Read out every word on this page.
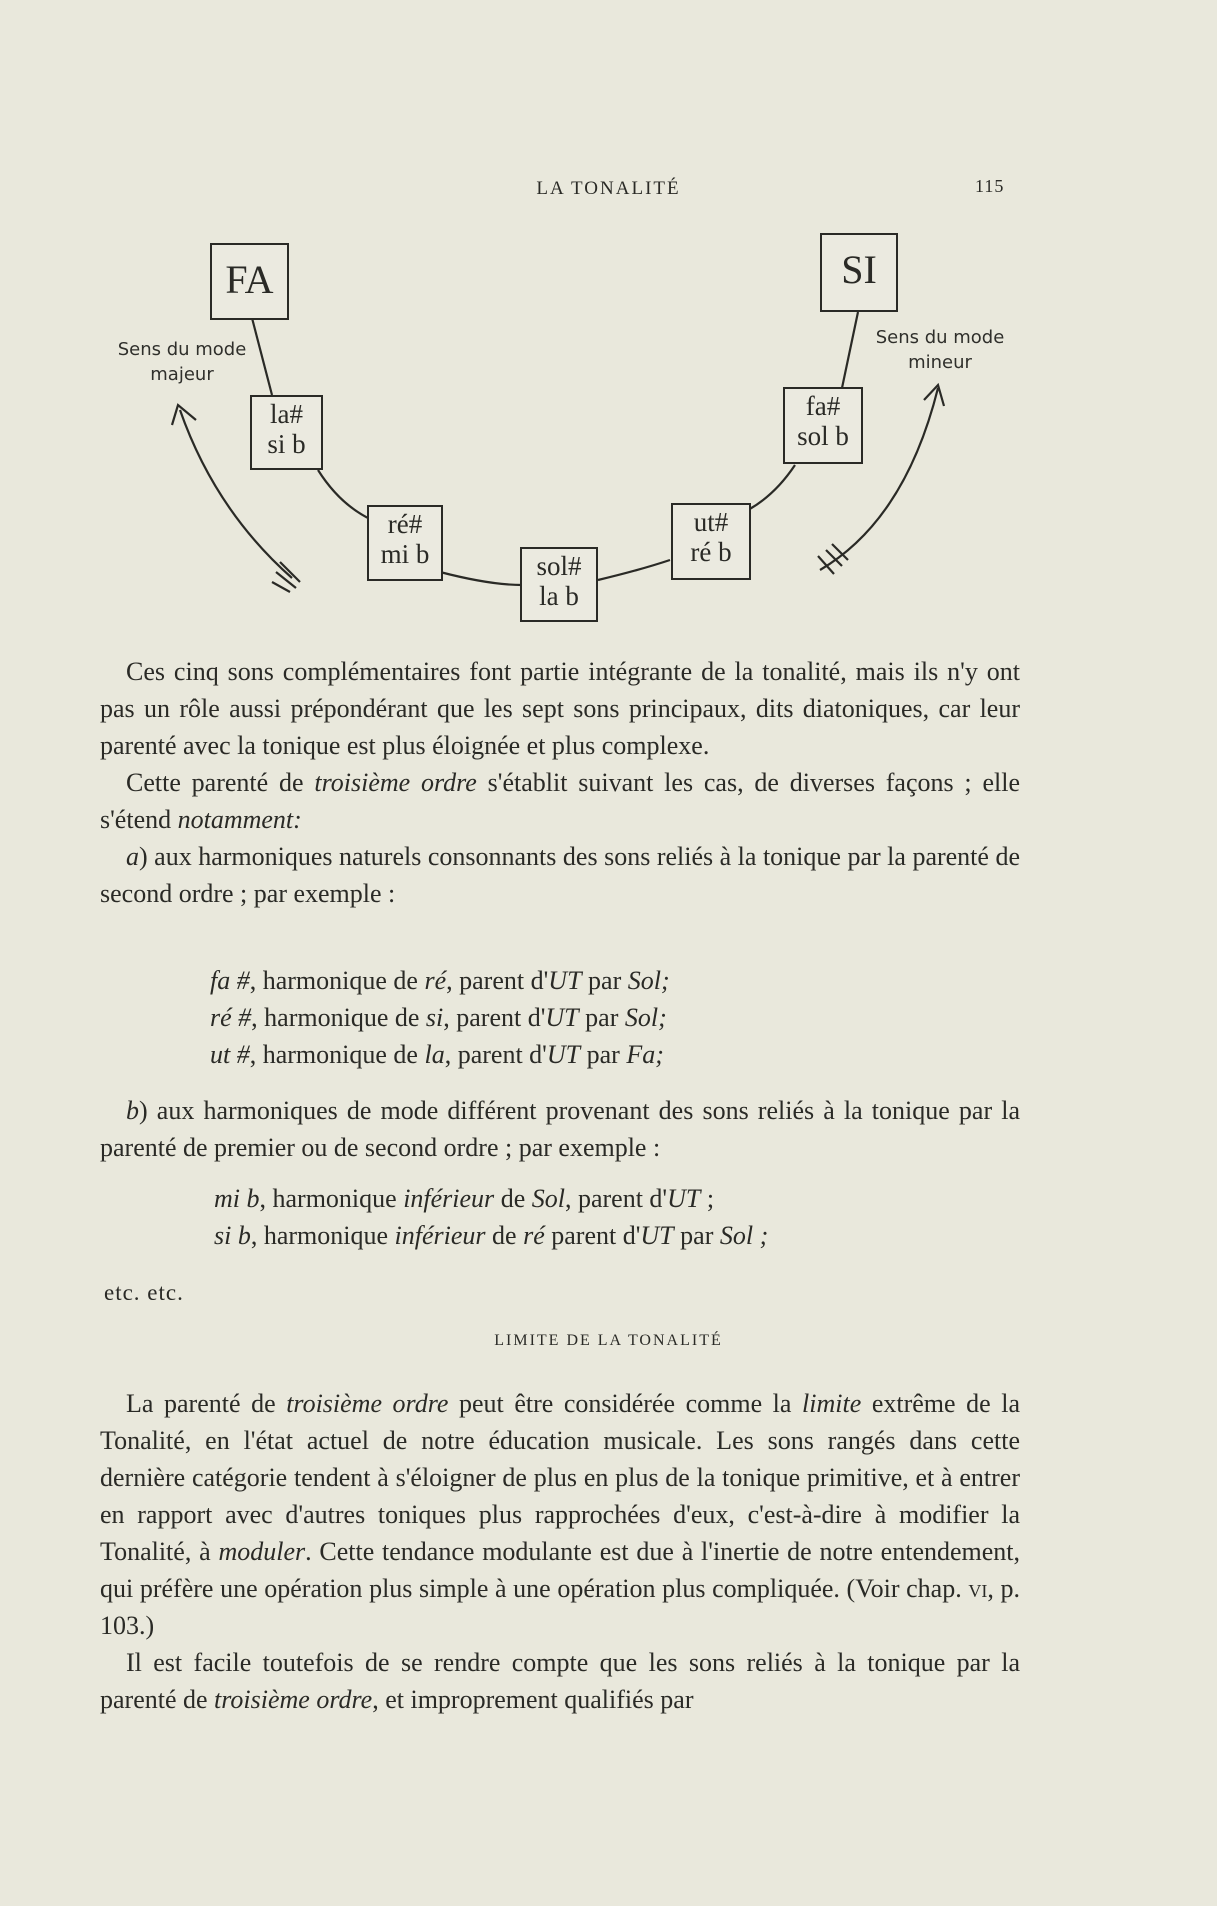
LA TONALITÉ	115
Sens du mode majeur
Sens du mode mineur
FA	SI
la#
si b
ré#
mi b	sol#
la b
ut#
ré b
fa#
sol b

Ces cinq sons complémentaires font partie intégrante de la tonalité, mais ils n'y ont pas un rôle aussi prépondérant que les sept sons principaux, dits diatoniques, car leur parenté avec la tonique est plus éloignée et plus complexe.

Cette parenté de troisième ordre s'établit suivant les cas, de diverses façons ; elle s'étend notamment:

a) aux harmoniques naturels consonnants des sons reliés à la tonique par la parenté de second ordre ; par exemple :

fa #, harmonique de ré, parent d'UT par Sol;
ré #, harmonique de si, parent d'UT par Sol;
ut #, harmonique de la, parent d'UT par Fa;

b) aux harmoniques de mode différent provenant des sons reliés à la tonique par la parenté de premier ou de second ordre ; par exemple :

mi b, harmonique inférieur de Sol, parent d'UT ;
si b, harmonique inférieur de ré parent d'UT par Sol ;
etc. etc.
LIMITE DE LA TONALITÉ

La parenté de troisième ordre peut être considérée comme la limite extrême de la Tonalité, en l'état actuel de notre éducation musicale. Les sons rangés dans cette dernière catégorie tendent à s'éloigner de plus en plus de la tonique primitive, et à entrer en rapport avec d'autres toniques plus rapprochées d'eux, c'est-à-dire à modifier la Tonalité, à moduler. Cette tendance modulante est due à l'inertie de notre entendement, qui préfère une opération plus simple à une opération plus compliquée. (Voir chap. vi, p. 103.)

Il est facile toutefois de se rendre compte que les sons reliés à la tonique par la parenté de troisième ordre, et improprement qualifiés par
